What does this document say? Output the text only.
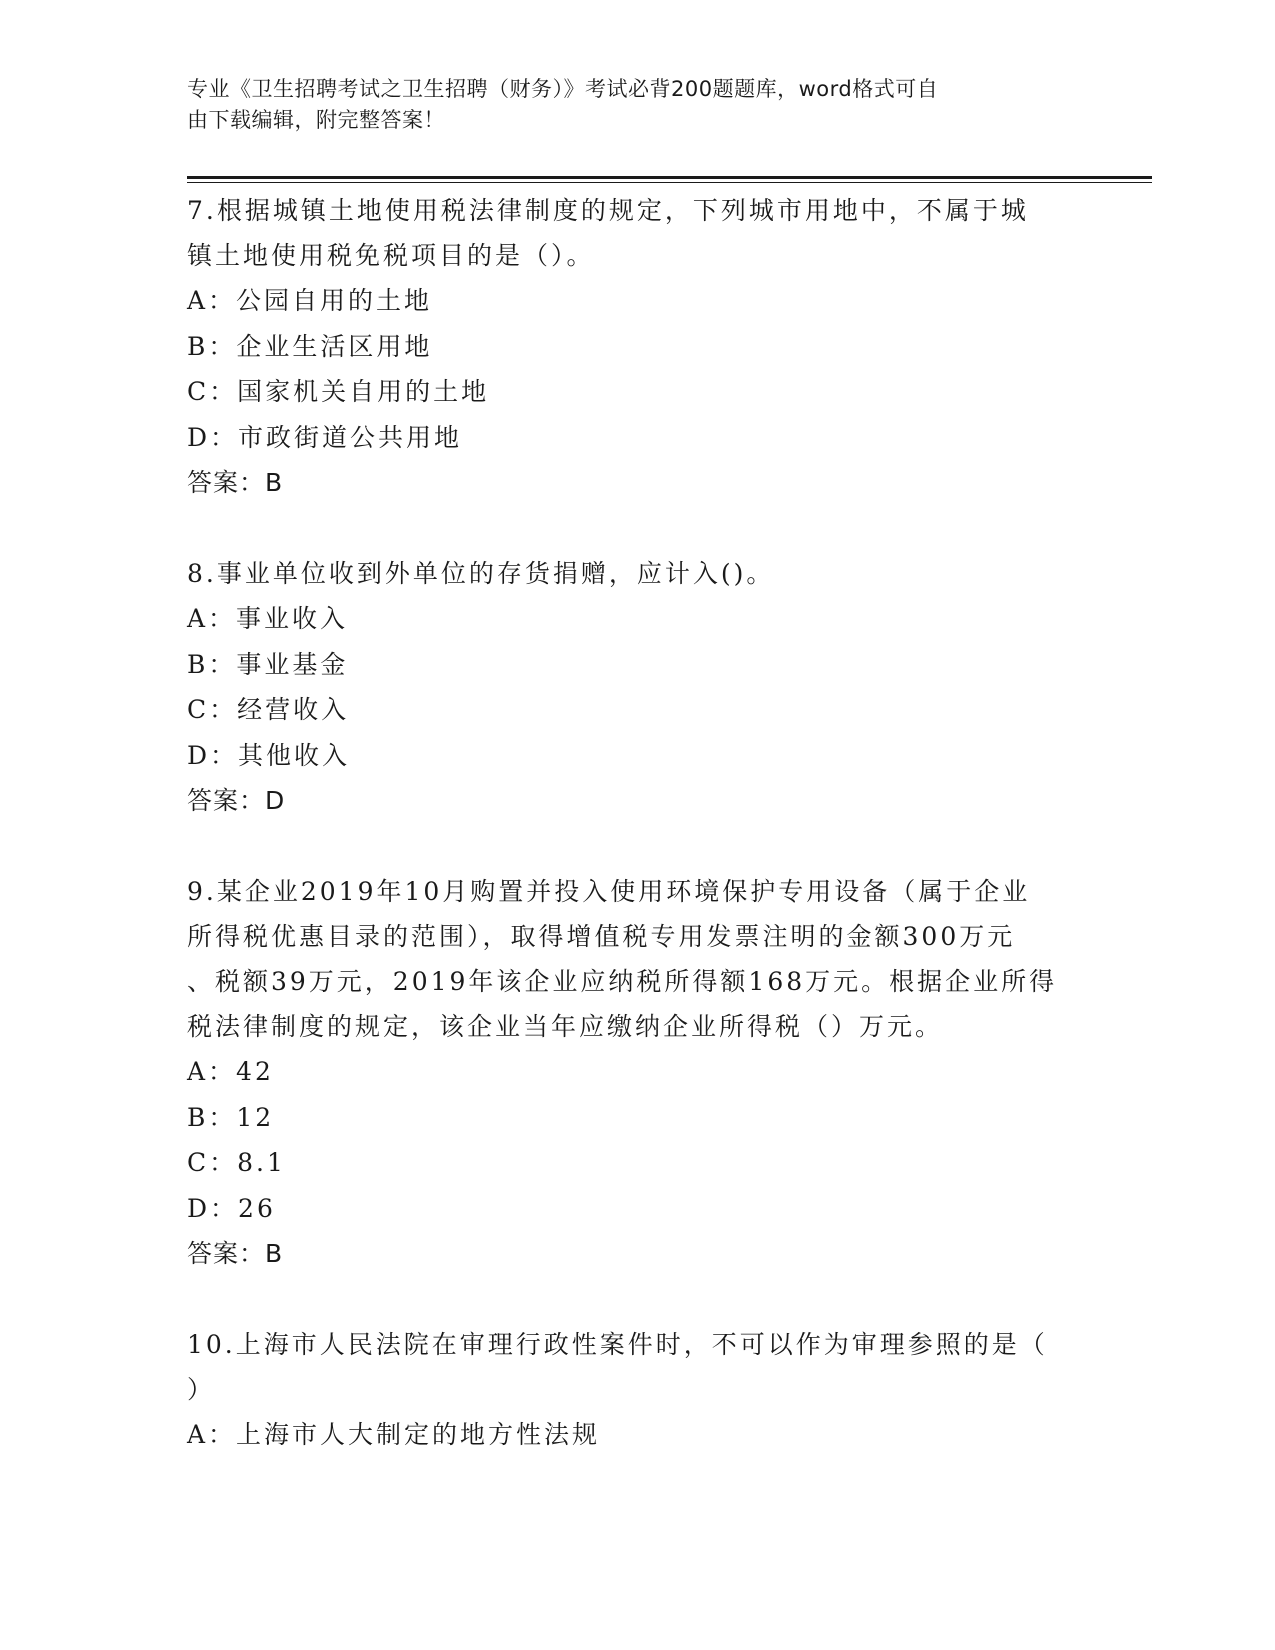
专业《卫生招聘考试之卫生招聘（财务）》考试必背200题题库，word格式可自
由下载编辑，附完整答案！
7.根据城镇土地使用税法律制度的规定，下列城市用地中，不属于城
镇土地使用税免税项目的是（）。
A：公园自用的土地
B：企业生活区用地
C：国家机关自用的土地
D：市政街道公共用地
答案：B
8.事业单位收到外单位的存货捐赠，应计入()。
A：事业收入
B：事业基金
C：经营收入
D：其他收入
答案：D
9.某企业2019年10月购置并投入使用环境保护专用设备（属于企业
所得税优惠目录的范围），取得增值税专用发票注明的金额300万元
、税额39万元，2019年该企业应纳税所得额168万元。根据企业所得
税法律制度的规定，该企业当年应缴纳企业所得税（）万元。
A：42
B：12
C：8.1
D：26
答案：B
10.上海市人民法院在审理行政性案件时，不可以作为审理参照的是（
）
A：上海市人大制定的地方性法规
